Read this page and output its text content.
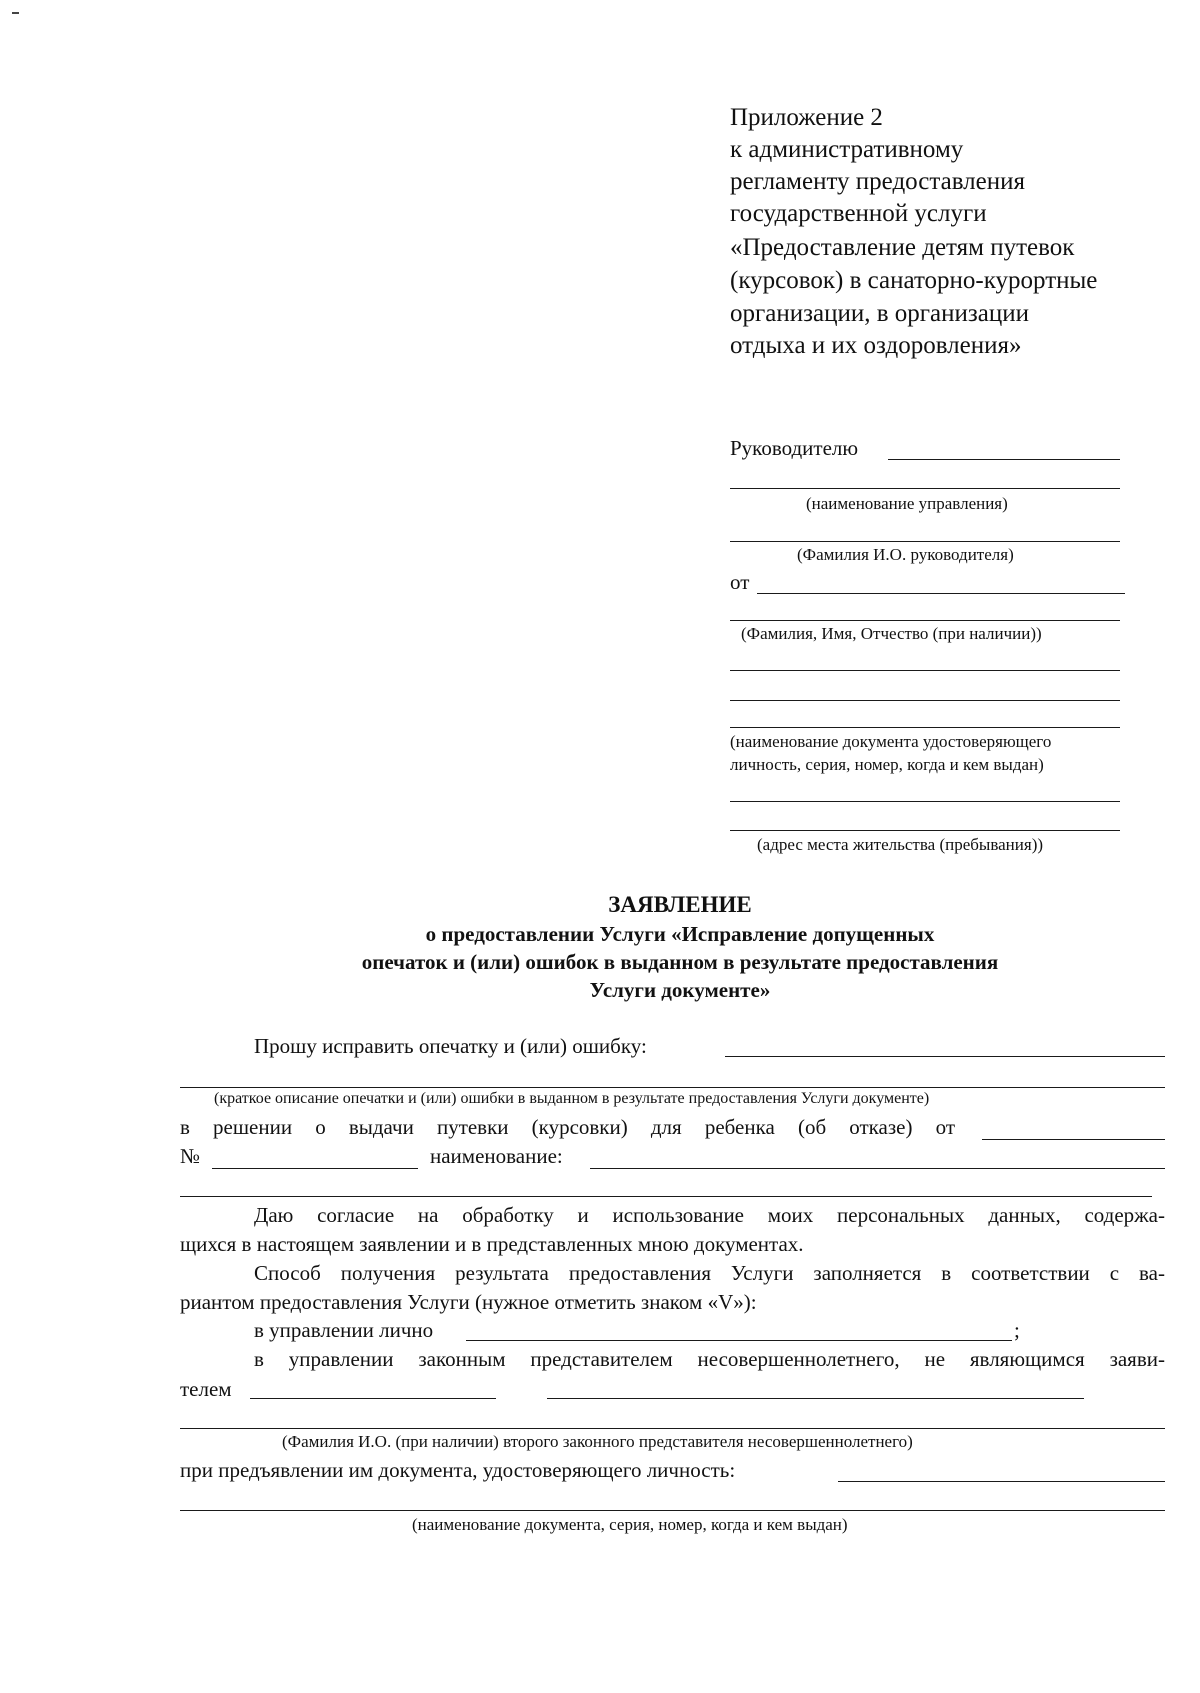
Приложение 2
к административному
регламенту предоставления
государственной услуги
«Предоставление детям путевок
(курсовок) в санаторно-курортные
организации, в организации
отдыха и их оздоровления»
Руководителю
(наименование управления)
(Фамилия И.О. руководителя)
от
(Фамилия, Имя, Отчество (при наличии))
(наименование документа удостоверяющего
личность, серия, номер, когда и кем выдан)
(адрес места жительства (пребывания))
ЗАЯВЛЕНИЕ
о предоставлении Услуги «Исправление допущенных
опечаток и (или) ошибок в выданном в результате предоставления
Услуги документе»
Прошу исправить опечатку и (или) ошибку:
(краткое описание опечатки и (или) ошибки в выданном в результате предоставления Услуги документе)
в решении о выдачи путевки (курсовки) для ребенка (об отказе) от
№	наименование:
Даю согласие на обработку и использование моих персональных данных, содержа-
щихся в настоящем заявлении и в представленных мною документах.
Способ получения результата предоставления Услуги заполняется в соответствии с ва-
риантом предоставления Услуги (нужное отметить знаком «V»):
в управлении лично	;
в управлении законным представителем несовершеннолетнего, не являющимся заяви-
телем
(Фамилия И.О. (при наличии) второго законного представителя несовершеннолетнего)
при предъявлении им документа, удостоверяющего личность:
(наименование документа, серия, номер, когда и кем выдан)
